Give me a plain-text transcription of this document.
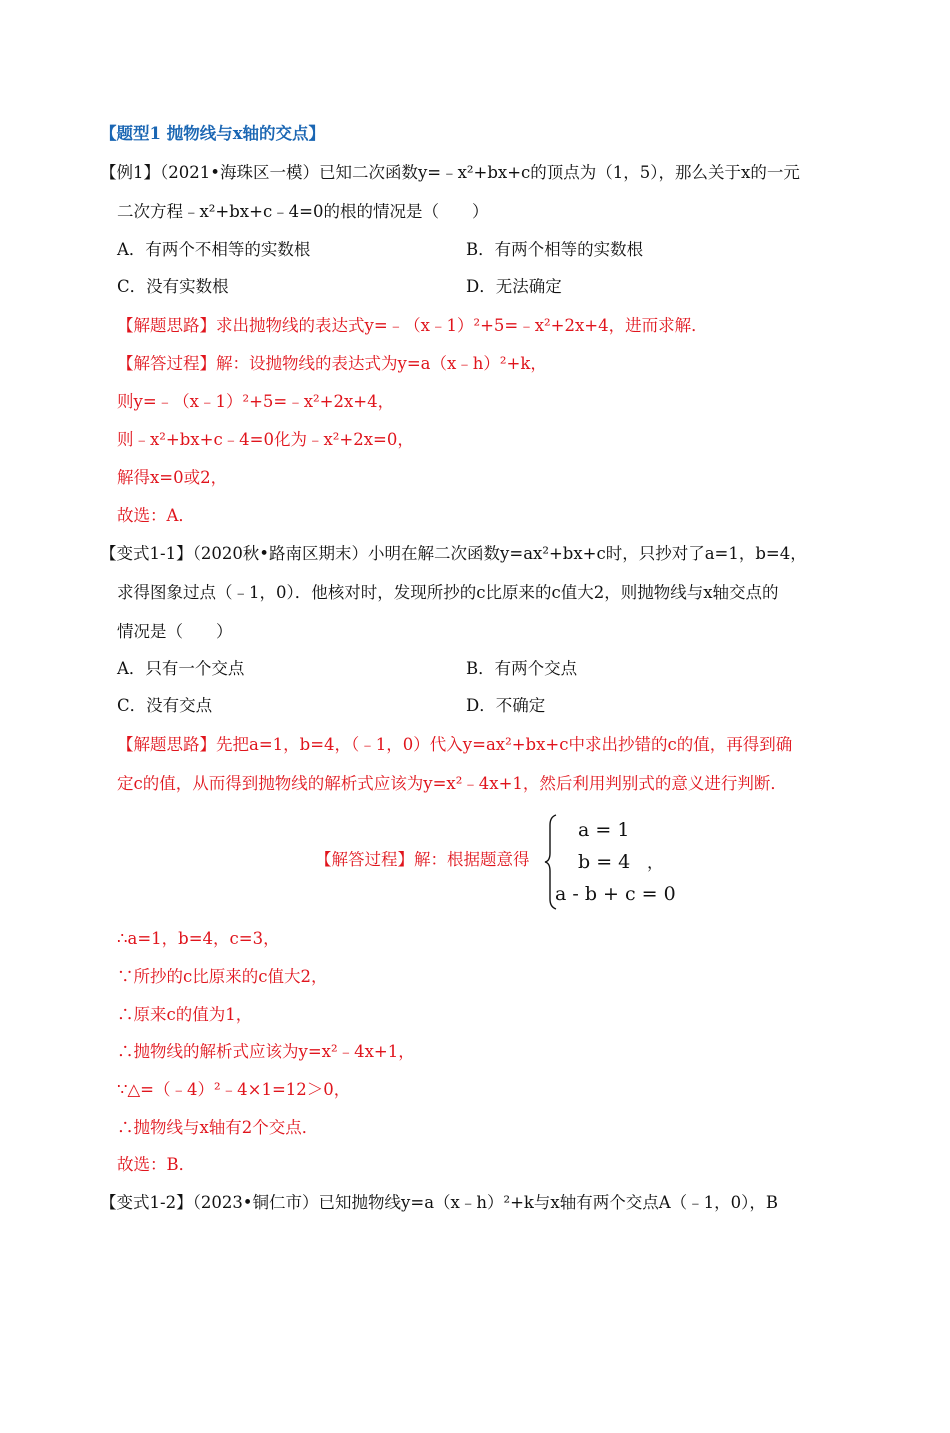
【题型1 抛物线与x轴的交点】
【例1】（2021•海珠区一模）已知二次函数y=﹣x²+bx+c的顶点为（1，5），那么关于x的一元
二次方程﹣x²+bx+c﹣4=0的根的情况是（　　）
A．有两个不相等的实数根	B．有两个相等的实数根
C．没有实数根	D．无法确定
【解题思路】求出抛物线的表达式y=﹣（x﹣1）²+5=﹣x²+2x+4，进而求解．
【解答过程】解：设抛物线的表达式为y=a（x﹣h）²+k，
则y=﹣（x﹣1）²+5=﹣x²+2x+4，
则﹣x²+bx+c﹣4=0化为﹣x²+2x=0，
解得x=0或2，
故选：A．
【变式1-1】（2020秋•路南区期末）小明在解二次函数y=ax²+bx+c时，只抄对了a=1，b=4，
求得图象过点（﹣1，0）．他核对时，发现所抄的c比原来的c值大2，则抛物线与x轴交点的
情况是（　　）
A．只有一个交点	B．有两个交点
C．没有交点	D．不确定
【解题思路】先把a=1，b=4，（﹣1，0）代入y=ax²+bx+c中求出抄错的c的值，再得到确
定c的值，从而得到抛物线的解析式应该为y=x²﹣4x+1，然后利用判别式的意义进行判断．
【解答过程】解：根据题意得
a = 1
b = 4
a - b + c = 0
，
∴a=1，b=4，c=3，
∵所抄的c比原来的c值大2，
∴原来c的值为1，
∴抛物线的解析式应该为y=x²﹣4x+1，
∵△=（﹣4）²﹣4×1=12＞0，
∴抛物线与x轴有2个交点．
故选：B．
【变式1-2】（2023•铜仁市）已知抛物线y=a（x﹣h）²+k与x轴有两个交点A（﹣1，0），B
